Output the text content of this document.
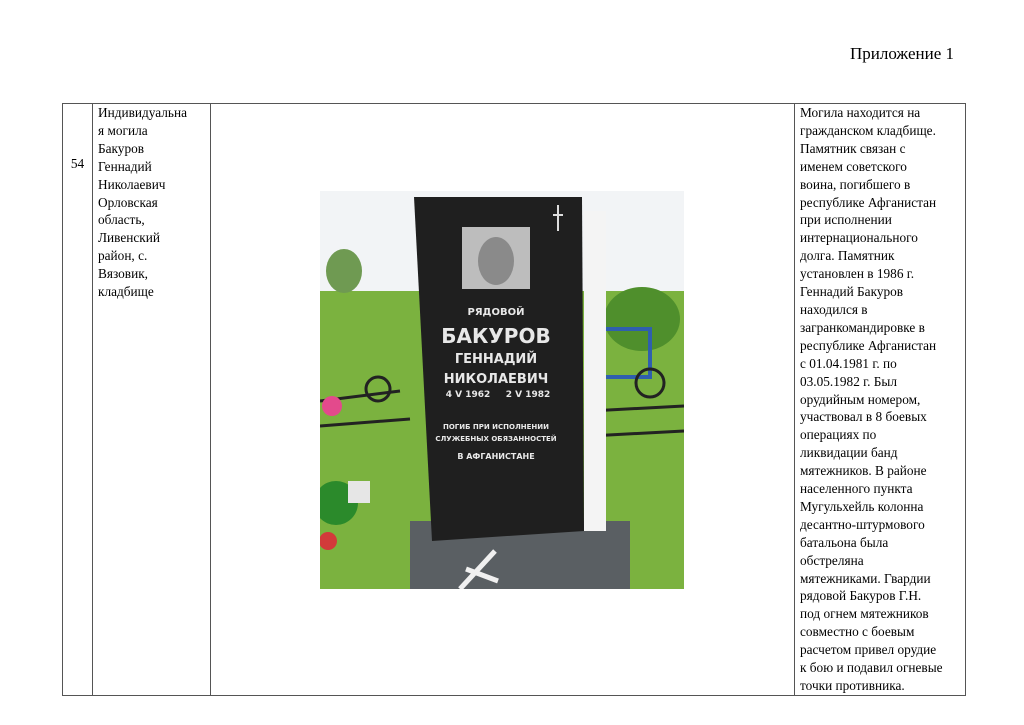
Приложение 1
54

Индивидуальна
я могила
Бакуров
Геннадий
Николаевич
Орловская
область,
Ливенский
район, с.
Вязовик,
кладбище

РЯДОВОЙ
БАКУРОВ
ГЕННАДИЙ
НИКОЛАЕВИЧ
4 V 1962 2 V 1982
ПОГИБ ПРИ ИСПОЛНЕНИИ
СЛУЖЕБНЫХ ОБЯЗАННОСТЕЙ
В АФГАНИСТАНЕ

Могила находится на
гражданском кладбище.
Памятник связан с
именем советского
воина, погибшего в
республике Афганистан
при исполнении
интернационального
долга. Памятник
установлен в 1986 г.
Геннадий Бакуров
находился в
загранкомандировке в
республике Афганистан
с 01.04.1981 г. по
03.05.1982 г. Был
орудийным номером,
участвовал в 8 боевых
операциях по
ликвидации банд
мятежников. В районе
населенного пункта
Мугульхейль колонна
десантно-штурмового
батальона была
обстреляна
мятежниками. Гвардии
рядовой Бакуров Г.Н.
под огнем мятежников
совместно с боевым
расчетом привел орудие
к бою и подавил огневые
точки противника.
